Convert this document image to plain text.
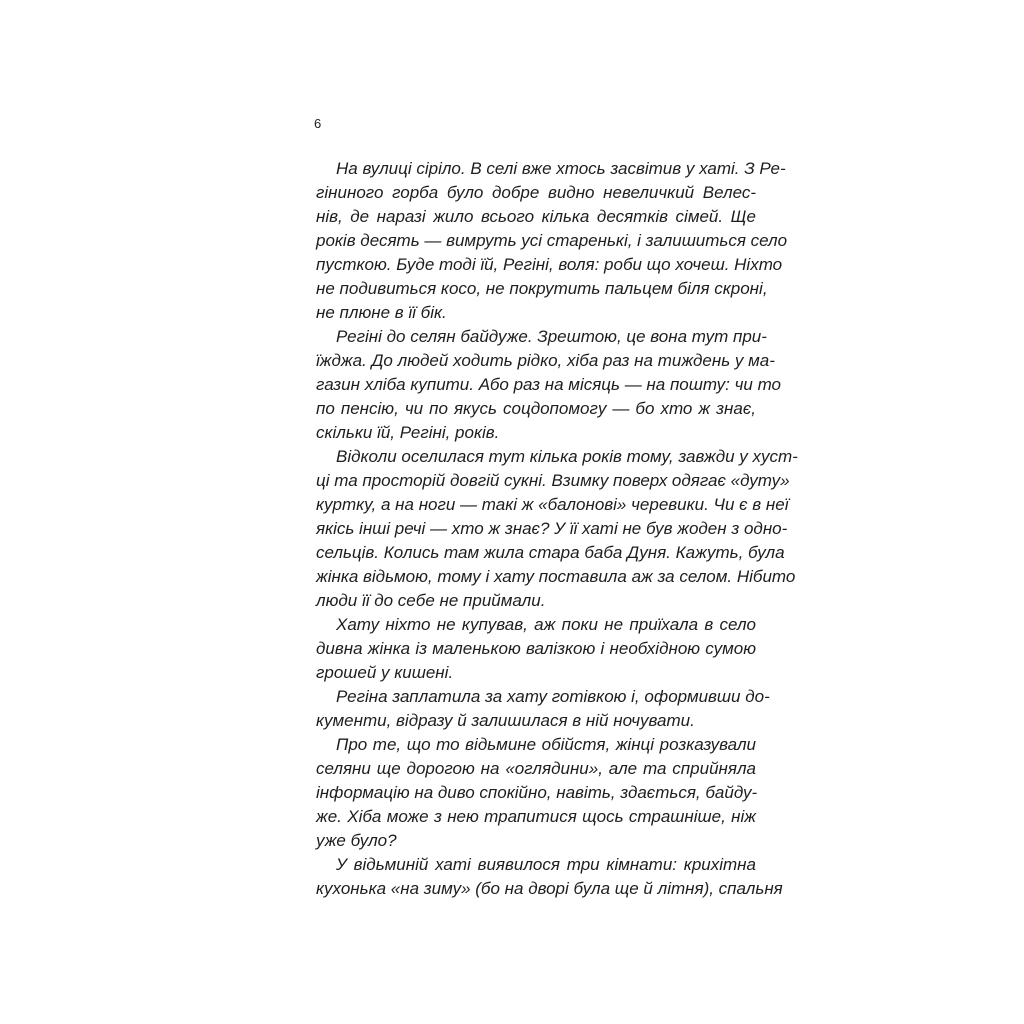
6
На вулиці сіріло. В селі вже хтось засвітив у хаті. З Ре-
гіниного горба було добре видно невеличкий Велес-
нів, де наразі жило всього кілька десятків сімей. Ще
років десять — вимруть усі старенькі, і залишиться село
пусткою. Буде тоді їй, Регіні, воля: роби що хочеш. Ніхто
не подивиться косо, не покрутить пальцем біля скроні,
не плюне в її бік.
Регіні до селян байдуже. Зрештою, це вона тут при-
їжджа. До людей ходить рідко, хіба раз на тиждень у ма-
газин хліба купити. Або раз на місяць — на пошту: чи то
по пенсію, чи по якусь соцдопомогу — бо хто ж знає,
скільки їй, Регіні, років.
Відколи оселилася тут кілька років тому, завжди у хуст-
ці та просторій довгій сукні. Взимку поверх одягає «дуту»
куртку, а на ноги — такі ж «балонові» черевики. Чи є в неї
якісь інші речі — хто ж знає? У її хаті не був жоден з одно-
сельців. Колись там жила стара баба Дуня. Кажуть, була
жінка відьмою, тому і хату поставила аж за селом. Нібито
люди її до себе не приймали.
Хату ніхто не купував, аж поки не приїхала в село
дивна жінка із маленькою валізкою і необхідною сумою
грошей у кишені.
Регіна заплатила за хату готівкою і, оформивши до-
кументи, відразу й залишилася в ній ночувати.
Про те, що то відьмине обійстя, жінці розказували
селяни ще дорогою на «оглядини», але та сприйняла
інформацію на диво спокійно, навіть, здається, байду-
же. Хіба може з нею трапитися щось страшніше, ніж
уже було?
У відьминій хаті виявилося три кімнати: крихітна
кухонька «на зиму» (бо на дворі була ще й літня), спальня
